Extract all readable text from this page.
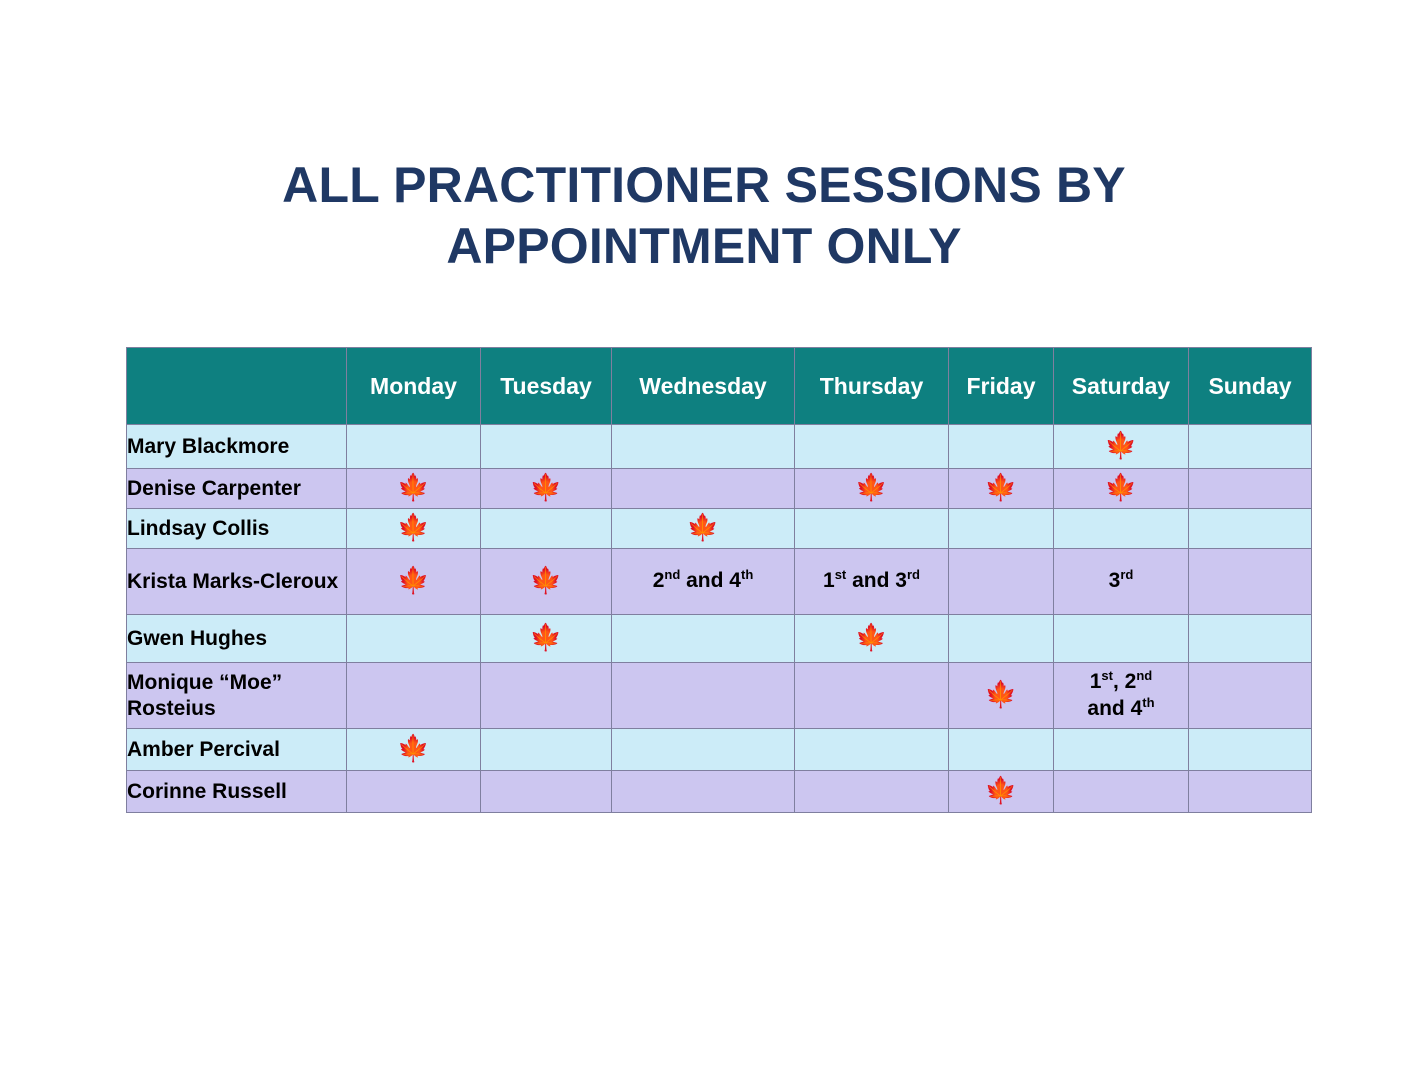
ALL PRACTITIONER SESSIONS BY
APPOINTMENT ONLY
	Monday	Tuesday	Wednesday	Thursday	Friday	Saturday	Sunday
Mary Blackmore						🍁	
Denise Carpenter	🍁	🍁		🍁	🍁	🍁	
Lindsay Collis	🍁		🍁				
Krista Marks-Cleroux	🍁	🍁	2nd and 4th	1st and 3rd		3rd	
Gwen Hughes		🍁		🍁			
Monique “Moe” Rosteius					🍁	1st, 2nd
and 4th	
Amber Percival	🍁						
Corinne Russell					🍁		
